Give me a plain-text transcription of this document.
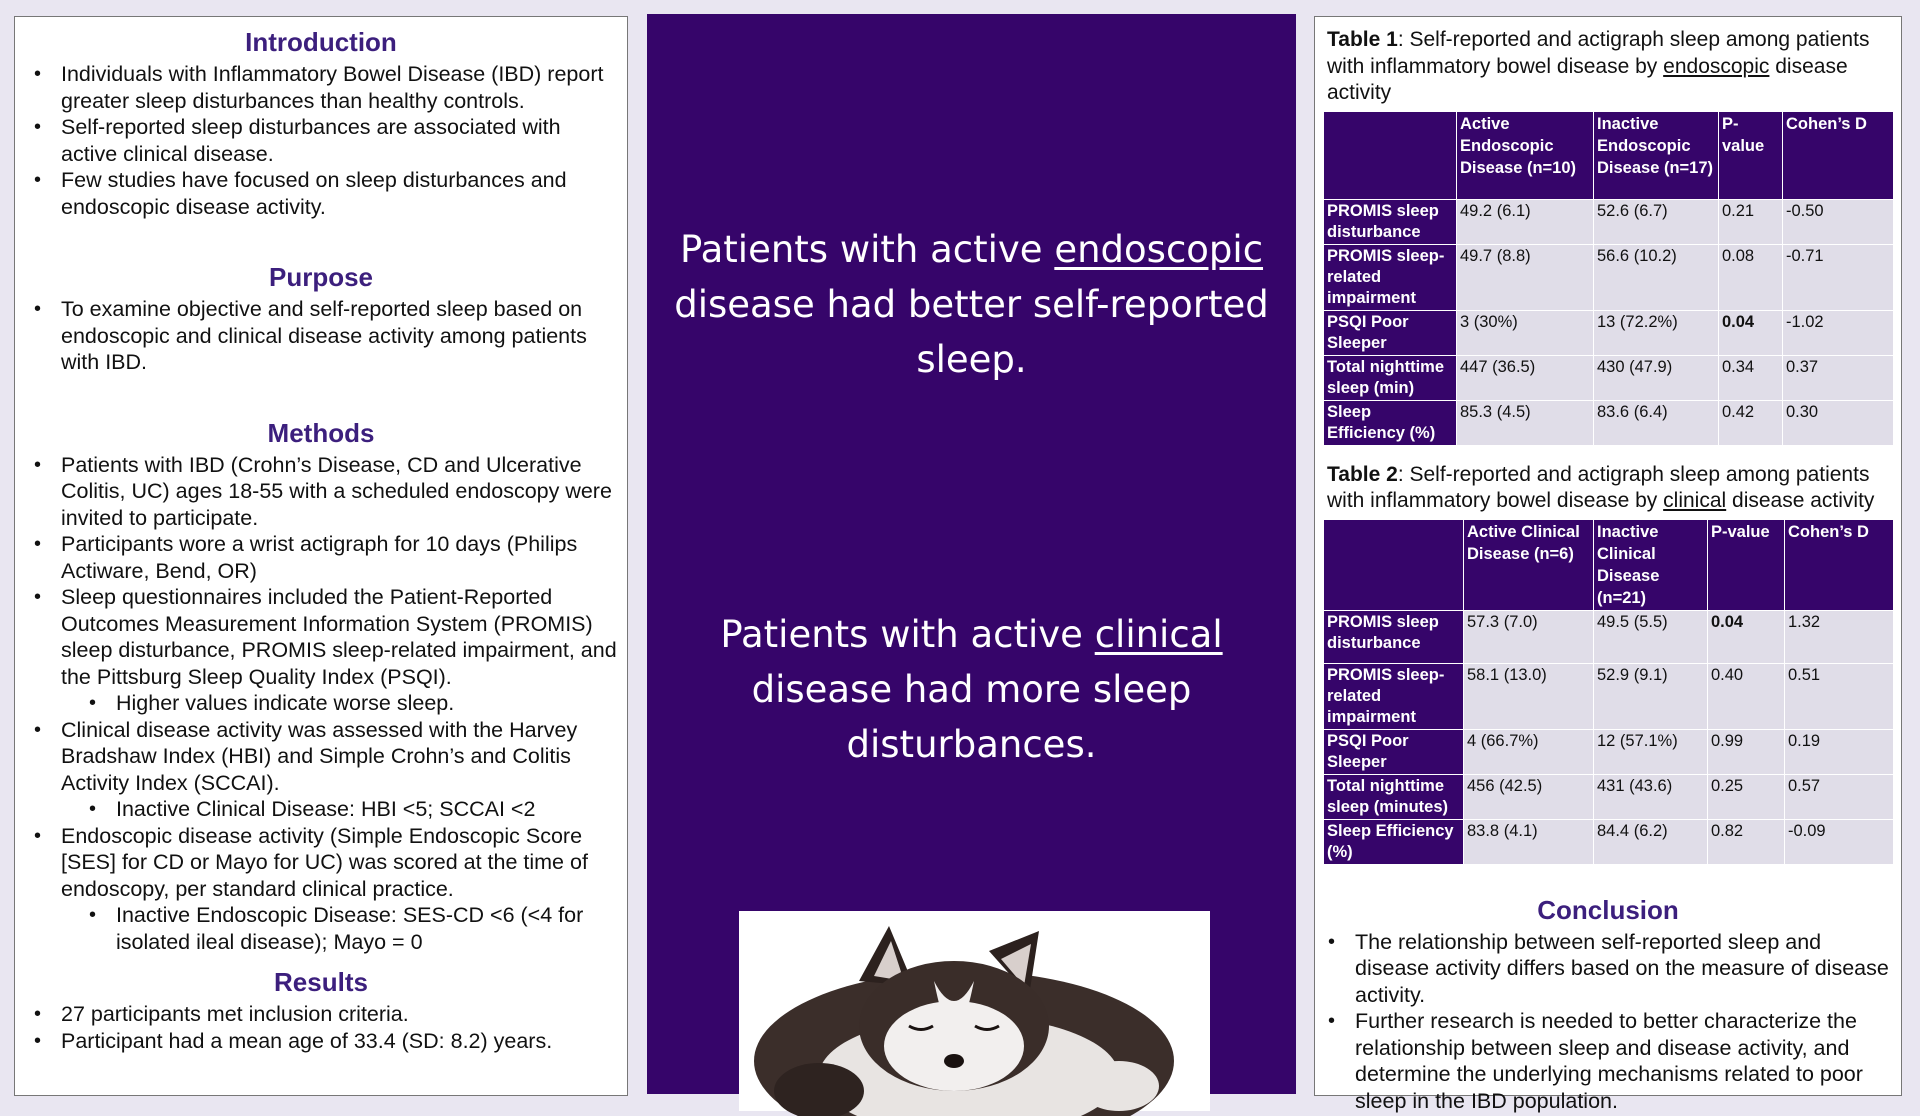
Introduction
• Individuals with Inflammatory Bowel Disease (IBD) report greater sleep disturbances than healthy controls.
• Self-reported sleep disturbances are associated with active clinical disease.
• Few studies have focused on sleep disturbances and endoscopic disease activity.
Purpose
• To examine objective and self-reported sleep based on endoscopic and clinical disease activity among patients with IBD.
Methods
• Patients with IBD (Crohn’s Disease, CD and Ulcerative Colitis, UC) ages 18-55 with a scheduled endoscopy were invited to participate.
• Participants wore a wrist actigraph for 10 days (Philips Actiware, Bend, OR)
• Sleep questionnaires included the Patient-Reported Outcomes Measurement Information System (PROMIS) sleep disturbance, PROMIS sleep-related impairment, and the Pittsburg Sleep Quality Index (PSQI).
• Higher values indicate worse sleep.
• Clinical disease activity was assessed with the Harvey Bradshaw Index (HBI) and Simple Crohn’s and Colitis Activity Index (SCCAI).
• Inactive Clinical Disease: HBI <5; SCCAI <2
• Endoscopic disease activity (Simple Endoscopic Score [SES] for CD or Mayo for UC) was scored at the time of endoscopy, per standard clinical practice.
• Inactive Endoscopic Disease: SES-CD <6 (<4 for isolated ileal disease); Mayo = 0
Results
• 27 participants met inclusion criteria.
• Participant had a mean age of 33.4 (SD: 8.2) years.
Patients with active endoscopic disease had better self-reported sleep.
Patients with active clinical disease had more sleep disturbances.
Table 1: Self-reported and actigraph sleep among patients with inflammatory bowel disease by endoscopic disease activity
	Active Endoscopic Disease (n=10)	Inactive Endoscopic Disease (n=17)	P-value	Cohen’s D
PROMIS sleep disturbance	49.2 (6.1)	52.6 (6.7)	0.21	-0.50
PROMIS sleep-related impairment	49.7 (8.8)	56.6 (10.2)	0.08	-0.71
PSQI Poor Sleeper	3 (30%)	13 (72.2%)	0.04	-1.02
Total nighttime sleep (min)	447 (36.5)	430 (47.9)	0.34	0.37
Sleep Efficiency (%)	85.3 (4.5)	83.6 (6.4)	0.42	0.30
Table 2: Self-reported and actigraph sleep among patients with inflammatory bowel disease by clinical disease activity
	Active Clinical Disease (n=6)	Inactive Clinical Disease (n=21)	P-value	Cohen’s D
PROMIS sleep disturbance	57.3 (7.0)	49.5 (5.5)	0.04	1.32
PROMIS sleep-related impairment	58.1 (13.0)	52.9 (9.1)	0.40	0.51
PSQI Poor Sleeper	4 (66.7%)	12 (57.1%)	0.99	0.19
Total nighttime sleep (minutes)	456 (42.5)	431 (43.6)	0.25	0.57
Sleep Efficiency (%)	83.8 (4.1)	84.4 (6.2)	0.82	-0.09
Conclusion
• The relationship between self-reported sleep and disease activity differs based on the measure of disease activity.
• Further research is needed to better characterize the relationship between sleep and disease activity, and determine the underlying mechanisms related to poor sleep in the IBD population.
